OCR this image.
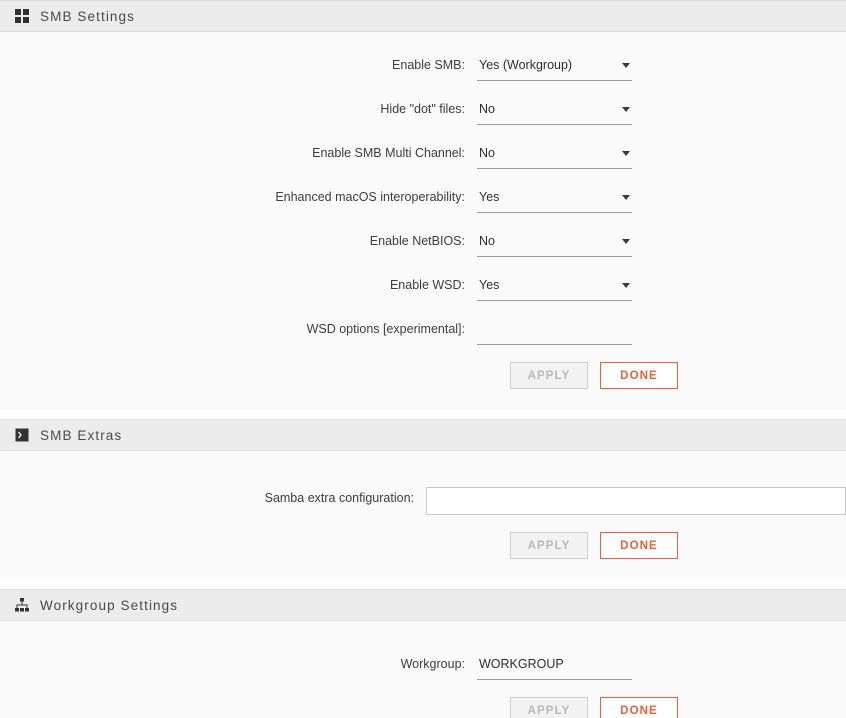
SMB Settings
Enable SMB:
Yes (Workgroup)
Hide "dot" files:
No
Enable SMB Multi Channel:
No
Enhanced macOS interoperability:
Yes
Enable NetBIOS:
No
Enable WSD:
Yes
WSD options [experimental]:
APPLY	DONE
SMB Extras
Samba extra configuration:
APPLY	DONE
Workgroup Settings
Workgroup:
WORKGROUP
APPLY	DONE
